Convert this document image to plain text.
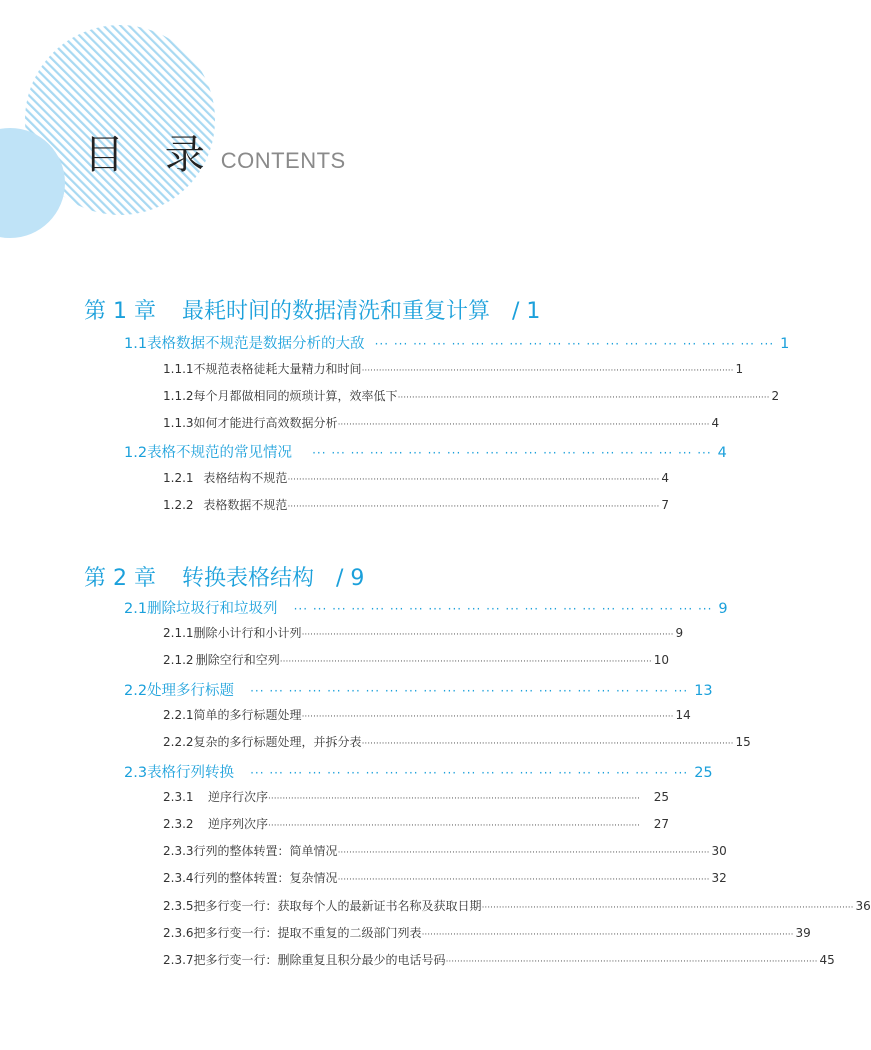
目 录 CONTENTS
第 1 章	最耗时间的数据清洗和重复计算 / 1
1.1 表格数据不规范是数据分析的大敌 ··· ··· ··· ··· ··· ··· ··· ··· ··· ··· ··· ··· ··· ··· ··· ··· ··· ··· ··· ··· ··· 1
1.1.1 不规范表格徒耗大量精力和时间 ·································································································································· 1
1.1.2 每个月都做相同的烦琐计算，效率低下 ·································································································································· 2
1.1.3 如何才能进行高效数据分析 ·································································································································· 4
1.2 表格不规范的常见情况	··· ··· ··· ··· ··· ··· ··· ··· ··· ··· ··· ··· ··· ··· ··· ··· ··· ··· ··· ··· ··· 4
1.2.1 表格结构不规范 ·································································································································· 4
1.2.2 表格数据不规范 ·································································································································· 7
第 2 章	转换表格结构 / 9
2.1 删除垃圾行和垃圾列	··· ··· ··· ··· ··· ··· ··· ··· ··· ··· ··· ··· ··· ··· ··· ··· ··· ··· ··· ··· ··· ··· 9
2.1.1 删除小计行和小计列 ·································································································································· 9
2.1.2 删除空行和空列 ·································································································································· 10
2.2 处理多行标题	··· ··· ··· ··· ··· ··· ··· ··· ··· ··· ··· ··· ··· ··· ··· ··· ··· ··· ··· ··· ··· ··· ··· 13
2.2.1 简单的多行标题处理 ·································································································································· 14
2.2.2 复杂的多行标题处理，并拆分表 ·································································································································· 15
2.3 表格行列转换	··· ··· ··· ··· ··· ··· ··· ··· ··· ··· ··· ··· ··· ··· ··· ··· ··· ··· ··· ··· ··· ··· ··· 25
2.3.1	逆序行次序 ··································································································································	25
2.3.2	逆序列次序 ··································································································································	27
2.3.3 行列的整体转置：简单情况 ·································································································································· 30
2.3.4 行列的整体转置：复杂情况 ·································································································································· 32
2.3.5 把多行变一行：获取每个人的最新证书名称及获取日期 ·································································································································· 36
2.3.6 把多行变一行：提取不重复的二级部门列表 ·································································································································· 39
2.3.7 把多行变一行：删除重复且积分最少的电话号码 ·································································································································· 45
